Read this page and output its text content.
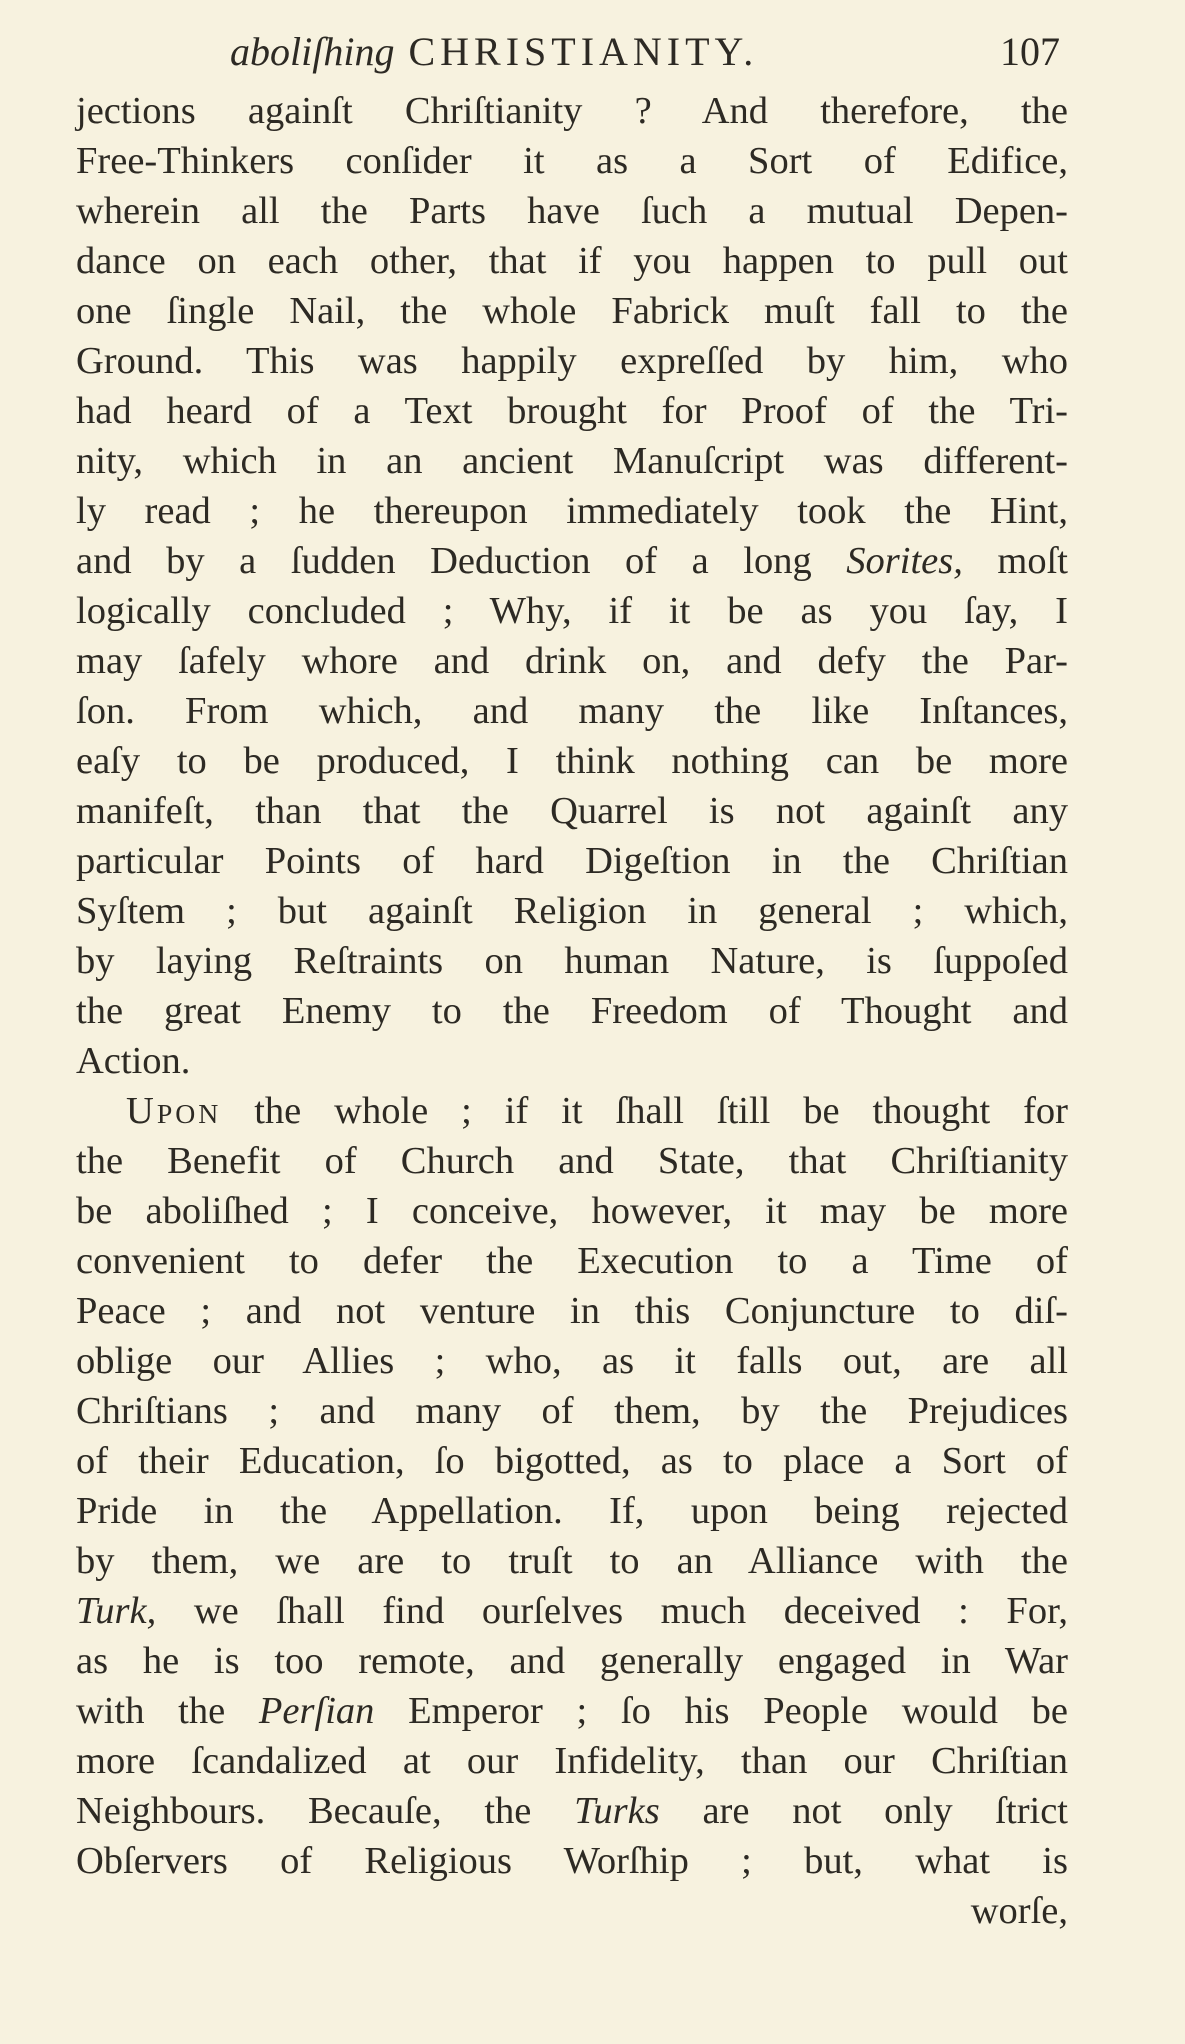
aboliſhing CHRISTIANITY.	107
jections againſt Chriſtianity ? And therefore, the
Free-Thinkers conſider it as a Sort of Edifice,
wherein all the Parts have ſuch a mutual Depen-
dance on each other, that if you happen to pull out
one ſingle Nail, the whole Fabrick muſt fall to the
Ground. This was happily expreſſed by him, who
had heard of a Text brought for Proof of the Tri-
nity, which in an ancient Manuſcript was different-
ly read ; he thereupon immediately took the Hint,
and by a ſudden Deduction of a long Sorites, moſt
logically concluded ; Why, if it be as you ſay, I
may ſafely whore and drink on, and defy the Par-
ſon. From which, and many the like Inſtances,
eaſy to be produced, I think nothing can be more
manifeſt, than that the Quarrel is not againſt any
particular Points of hard Digeſtion in the Chriſtian
Syſtem ; but againſt Religion in general ; which,
by laying Reſtraints on human Nature, is ſuppoſed
the great Enemy to the Freedom of Thought and
Action.
UPON the whole ; if it ſhall ſtill be thought for
the Benefit of Church and State, that Chriſtianity
be aboliſhed ; I conceive, however, it may be more
convenient to defer the Execution to a Time of
Peace ; and not venture in this Conjuncture to diſ-
oblige our Allies ; who, as it falls out, are all
Chriſtians ; and many of them, by the Prejudices
of their Education, ſo bigotted, as to place a Sort of
Pride in the Appellation. If, upon being rejected
by them, we are to truſt to an Alliance with the
Turk, we ſhall find ourſelves much deceived : For,
as he is too remote, and generally engaged in War
with the Perſian Emperor ; ſo his People would be
more ſcandalized at our Infidelity, than our Chriſtian
Neighbours. Becauſe, the Turks are not only ſtrict
Obſervers of Religious Worſhip ; but, what is
worſe,
